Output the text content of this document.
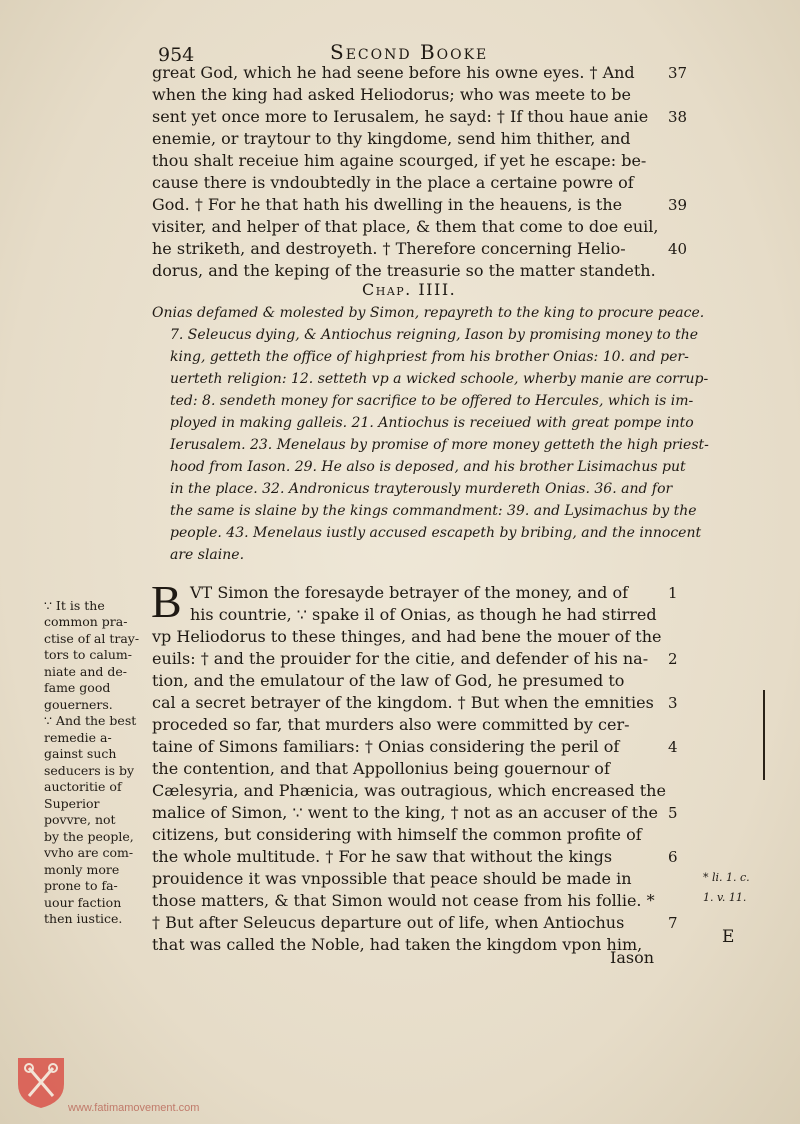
954	Second Booke
great God, which he had seene before his owne eyes. † And
when the king had asked Heliodorus; who was meete to be
sent yet once more to Ierusalem, he sayd: † If thou haue anie
enemie, or traytour to thy kingdome, send him thither, and
thou shalt receiue him againe scourged, if yet he escape: be-
cause there is vndoubtedly in the place a certaine powre of
God. † For he that hath his dwelling in the heauens, is the
visiter, and helper of that place, & them that come to doe euil,
he striketh, and destroyeth. † Therefore concerning Helio-
dorus, and the keping of the treasurie so the matter standeth.
37
38
39
40
Chap. IIII.
Onias defamed & molested by Simon, repayreth to the king to procure peace.
7. Seleucus dying, & Antiochus reigning, Iason by promising money to the
king, getteth the office of highpriest from his brother Onias: 10. and per-
uerteth religion: 12. setteth vp a wicked schoole, wherby manie are corrup-
ted: 8. sendeth money for sacrifice to be offered to Hercules, which is im-
ployed in making galleis. 21. Antiochus is receiued with great pompe into
Ierusalem. 23. Menelaus by promise of more money getteth the high priest-
hood from Iason. 29. He also is deposed, and his brother Lisimachus put
in the place. 32. Andronicus trayterously murdereth Onias. 36. and for
the same is slaine by the kings commandment: 39. and Lysimachus by the
people. 43. Menelaus iustly accused escapeth by bribing, and the innocent
are slaine.
B VT Simon the foresayde betrayer of the money, and of
his countrie, ∵ spake il of Onias, as though he had stirred
vp Heliodorus to these thinges, and had bene the mouer of the
euils: † and the prouider for the citie, and defender of his na-
tion, and the emulatour of the law of God, he presumed to
cal a secret betrayer of the kingdom. † But when the emnities
proceded so far, that murders also were committed by cer-
taine of Simons familiars: † Onias considering the peril of
the contention, and that Appollonius being gouernour of
Cælesyria, and Phænicia, was outragious, which encreased the
malice of Simon, ∵ went to the king, † not as an accuser of the
citizens, but considering with himself the common profite of
the whole multitude. † For he saw that without the kings
prouidence it was vnpossible that peace should be made in
those matters, & that Simon would not cease from his follie. *
† But after Seleucus departure out of life, when Antiochus
that was called the Noble, had taken the kingdom vpon him,
1
2
3
4
5
6
7
∵ It is the
common pra-
ctise of al tray-
tors to calum-
niate and de-
fame good
gouerners.
∵ And the best
remedie a-
gainst such
seducers is by
auctoritie of
Superior
povvre, not
by the people,
vvho are com-
monly more
prone to fa-
uour faction
then iustice.
* li. 1. c.
1. v. 11.
E
Iason
www.fatimamovement.com
